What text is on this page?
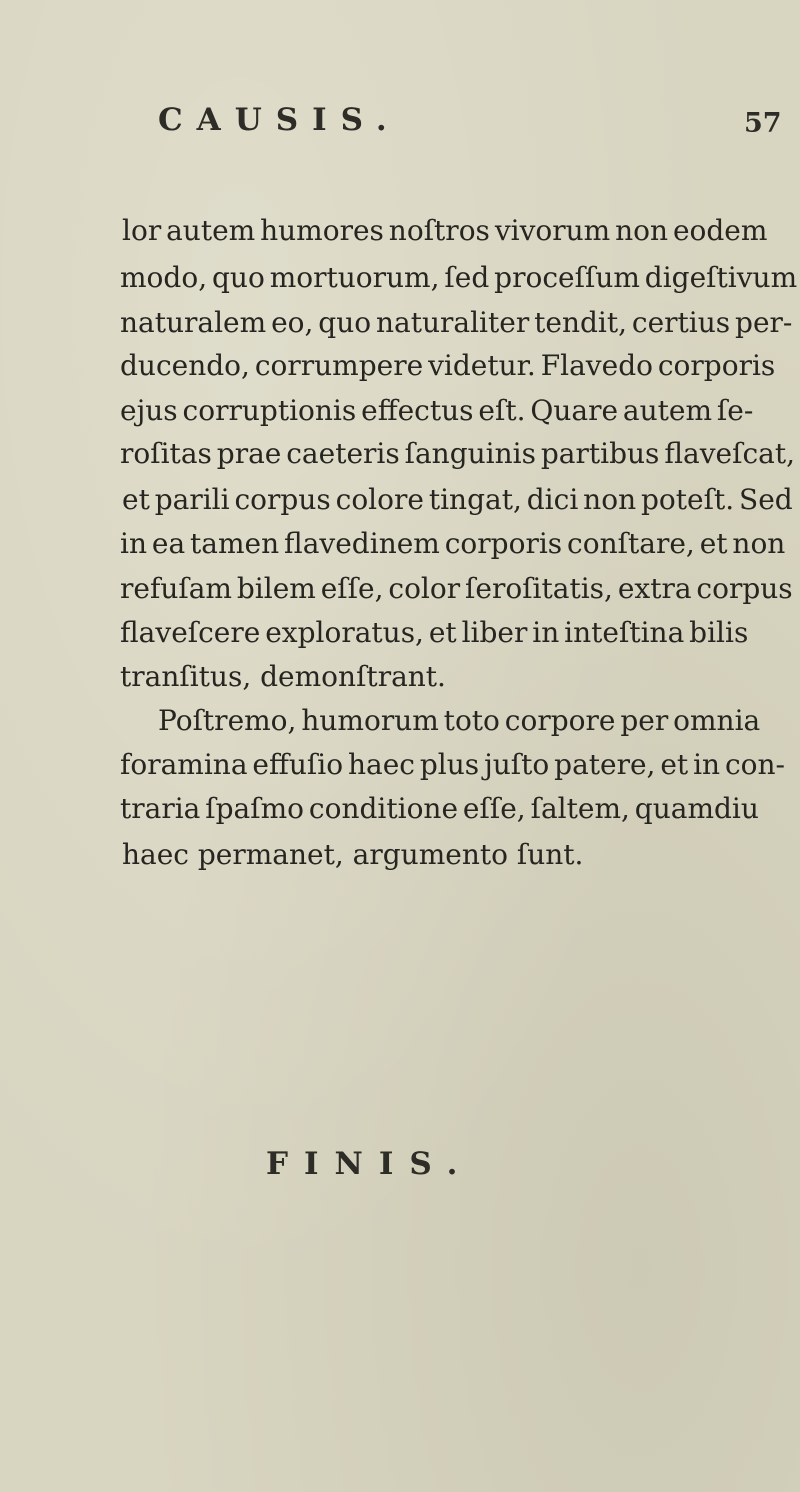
CAUSIS.	57
lor autem humores noſtros vivorum non eodem
modo, quo mortuorum, ſed proceſſum digeſtivum
naturalem eo, quo naturaliter tendit, certius per-
ducendo, corrumpere videtur. Flavedo corporis
ejus corruptionis effectus eſt. Quare autem ſe-
roſitas prae caeteris ſanguinis partibus flaveſcat,
et parili corpus colore tingat, dici non poteſt. Sed
in ea tamen flavedinem corporis conſtare, et non
refuſam bilem eſſe, color ſeroſitatis, extra corpus
flaveſcere exploratus, et liber in inteſtina bilis
tranſitus, demonſtrant.
Poſtremo, humorum toto corpore per omnia
foramina effuſio haec plus juſto patere, et in con-
traria ſpaſmo conditione eſſe, ſaltem, quamdiu
haec permanet, argumento ſunt.
FINIS.
